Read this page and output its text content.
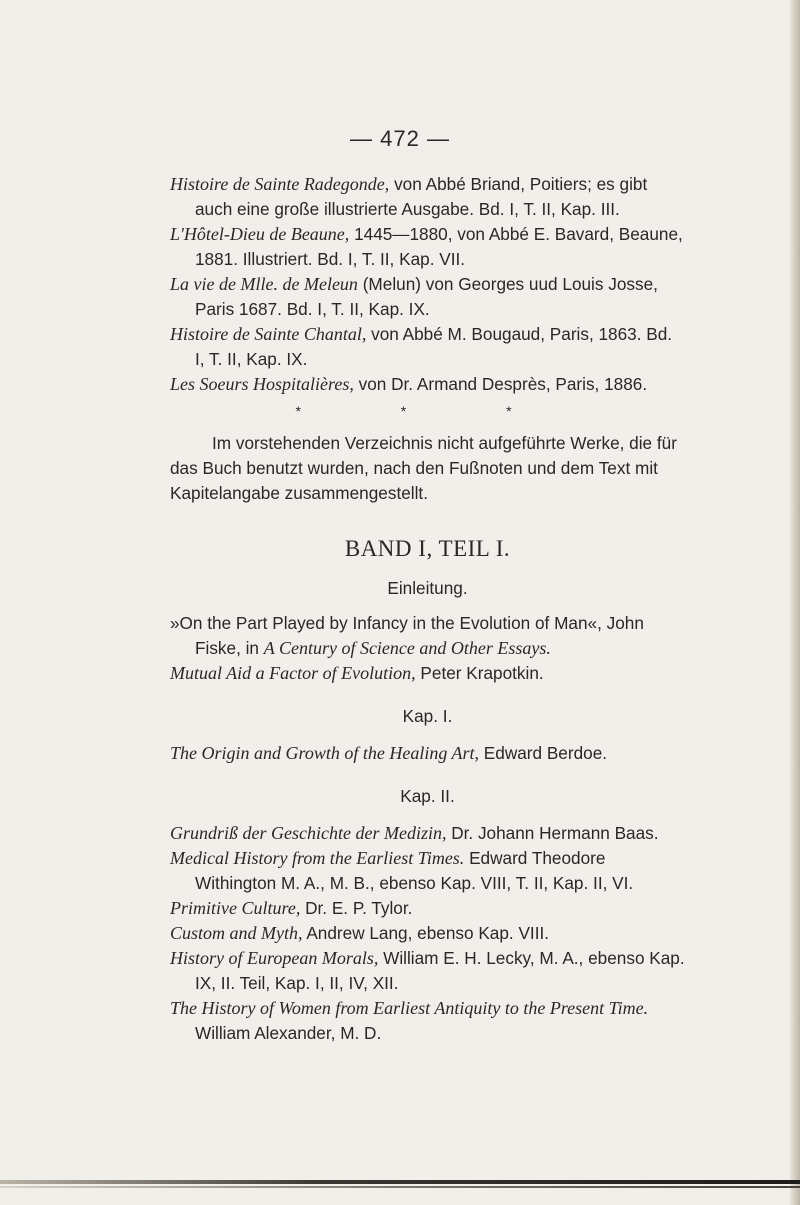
— 472 —

Histoire de Sainte Radegonde, von Abbé Briand, Poitiers; es gibt auch eine große illustrierte Ausgabe. Bd. I, T. II, Kap. III.

L'Hôtel-Dieu de Beaune, 1445—1880, von Abbé E. Bavard, Beaune, 1881. Illustriert. Bd. I, T. II, Kap. VII.

La vie de Mlle. de Meleun (Melun) von Georges uud Louis Josse, Paris 1687. Bd. I, T. II, Kap. IX.

Histoire de Sainte Chantal, von Abbé M. Bougaud, Paris, 1863. Bd. I, T. II, Kap. IX.

Les Soeurs Hospitalières, von Dr. Armand Desprès, Paris, 1886.

* * *

Im vorstehenden Verzeichnis nicht aufgeführte Werke, die für das Buch benutzt wurden, nach den Fußnoten und dem Text mit Kapitelangabe zusammengestellt.

BAND I, TEIL I.
Einleitung.

»On the Part Played by Infancy in the Evolution of Man«, John Fiske, in A Century of Science and Other Essays.

Mutual Aid a Factor of Evolution, Peter Krapotkin.

Kap. I.

The Origin and Growth of the Healing Art, Edward Berdoe.

Kap. II.

Grundriß der Geschichte der Medizin, Dr. Johann Hermann Baas.

Medical History from the Earliest Times. Edward Theodore Withington M. A., M. B., ebenso Kap. VIII, T. II, Kap. II, VI.

Primitive Culture, Dr. E. P. Tylor.

Custom and Myth, Andrew Lang, ebenso Kap. VIII.

History of European Morals, William E. H. Lecky, M. A., ebenso Kap. IX, II. Teil, Kap. I, II, IV, XII.

The History of Women from Earliest Antiquity to the Present Time. William Alexander, M. D.
